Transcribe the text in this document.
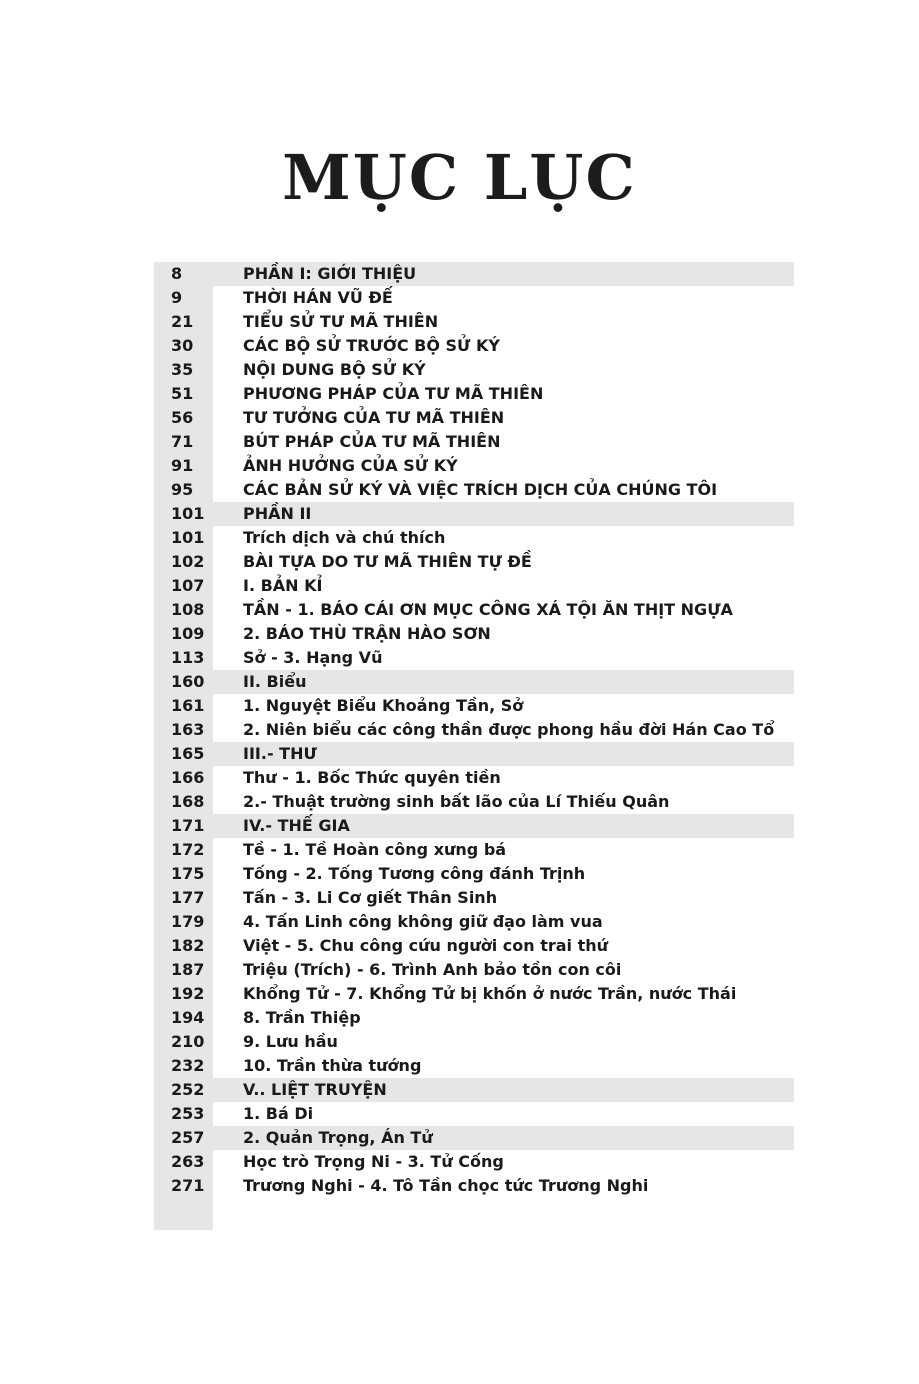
MỤC LỤC
8	PHẦN I: GIỚI THIỆU
9	THỜI HÁN VŨ ĐẾ
21	TIỂU SỬ TƯ MÃ THIÊN
30	CÁC BỘ SỬ TRƯỚC BỘ SỬ KÝ
35	NỘI DUNG BỘ SỬ KÝ
51	PHƯƠNG PHÁP CỦA TƯ MÃ THIÊN
56	TƯ TƯỞNG CỦA TƯ MÃ THIÊN
71	BÚT PHÁP CỦA TƯ MÃ THIÊN
91	ẢNH HƯỞNG CỦA SỬ KÝ
95	CÁC BẢN SỬ KÝ VÀ VIỆC TRÍCH DỊCH CỦA CHÚNG TÔI
101	PHẦN II
101	Trích dịch và chú thích
102	BÀI TỰA DO TƯ MÃ THIÊN TỰ ĐỀ
107	I. BẢN KỈ
108	TẦN - 1. BÁO CÁI ƠN MỤC CÔNG XÁ TỘI ĂN THỊT NGỰA
109	2. BÁO THÙ TRẬN HÀO SƠN
113	Sở - 3. Hạng Vũ
160	II. Biểu
161	1. Nguyệt Biểu Khoảng Tần, Sở
163	2. Niên biểu các công thần được phong hầu đời Hán Cao Tổ
165	III.- THƯ
166	Thư - 1. Bốc Thức quyên tiền
168	2.- Thuật trường sinh bất lão của Lí Thiếu Quân
171	IV.- THẾ GIA
172	Tề - 1. Tề Hoàn công xưng bá
175	Tống - 2. Tống Tương công đánh Trịnh
177	Tấn - 3. Li Cơ giết Thân Sinh
179	4. Tấn Linh công không giữ đạo làm vua
182	Việt - 5. Chu công cứu người con trai thứ
187	Triệu (Trích) - 6. Trình Anh bảo tồn con côi
192	Khổng Tử - 7. Khổng Tử bị khốn ở nước Trần, nước Thái
194	8. Trần Thiệp
210	9. Lưu hầu
232	10. Trần thừa tướng
252	V.. LIỆT TRUYỆN
253	1. Bá Di
257	2. Quản Trọng, Án Tử
263	Học trò Trọng Ni - 3. Tử Cống
271	Trương Nghi - 4. Tô Tần chọc tức Trương Nghi
